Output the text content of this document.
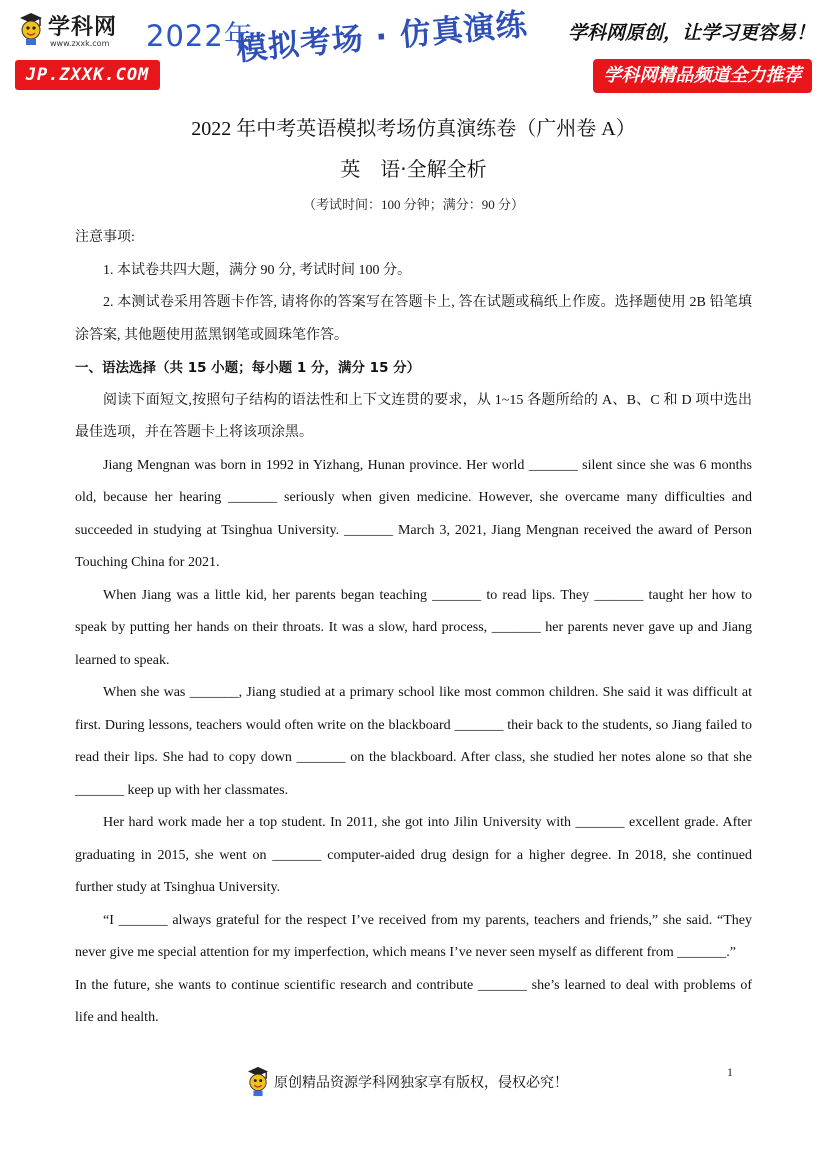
学科网
www.zxxk.com 2022年
模拟考场 · 仿真演练 学科网原创，让学习更容易！
JP.ZXXK.COM	学科网精品频道全力推荐
2022 年中考英语模拟考场仿真演练卷（广州卷 A）
英　语·全解全析
（考试时间：100 分钟；满分：90 分）

注意事项:

1. 本试卷共四大题，满分 90 分, 考试时间 100 分。

2. 本测试卷采用答题卡作答, 请将你的答案写在答题卡上, 答在试题或稿纸上作废。选择题使用 2B 铅笔填涂答案, 其他题使用蓝黑钢笔或圆珠笔作答。

一、语法选择（共 15 小题；每小题 1 分，满分 15 分）

阅读下面短文,按照句子结构的语法性和上下文连贯的要求，从 1~15 各题所给的 A、B、C 和 D 项中选出最佳选项，并在答题卡上将该项涂黑。

Jiang Mengnan was born in 1992 in Yizhang, Hunan province. Her world _______ silent since she was 6 months old, because her hearing _______ seriously when given medicine. However, she overcame many difficulties and succeeded in studying at Tsinghua University. _______ March 3, 2021, Jiang Mengnan received the award of Person Touching China for 2021.

When Jiang was a little kid, her parents began teaching _______ to read lips. They _______ taught her how to speak by putting her hands on their throats. It was a slow, hard process, _______ her parents never gave up and Jiang learned to speak.

When she was _______, Jiang studied at a primary school like most common children. She said it was difficult at first. During lessons, teachers would often write on the blackboard _______ their back to the students, so Jiang failed to read their lips. She had to copy down _______ on the blackboard. After class, she studied her notes alone so that she _______ keep up with her classmates.

Her hard work made her a top student. In 2011, she got into Jilin University with _______ excellent grade. After graduating in 2015, she went on _______ computer-aided drug design for a higher degree. In 2018, she continued further study at Tsinghua University.

“I _______ always grateful for the respect I’ve received from my parents, teachers and friends,” she said. “They never give me special attention for my imperfection, which means I’ve never seen myself as different from _______.”

In the future, she wants to continue scientific research and contribute _______ she’s learned to deal with problems of life and health.

1
原创精品资源学科网独家享有版权，侵权必究！
